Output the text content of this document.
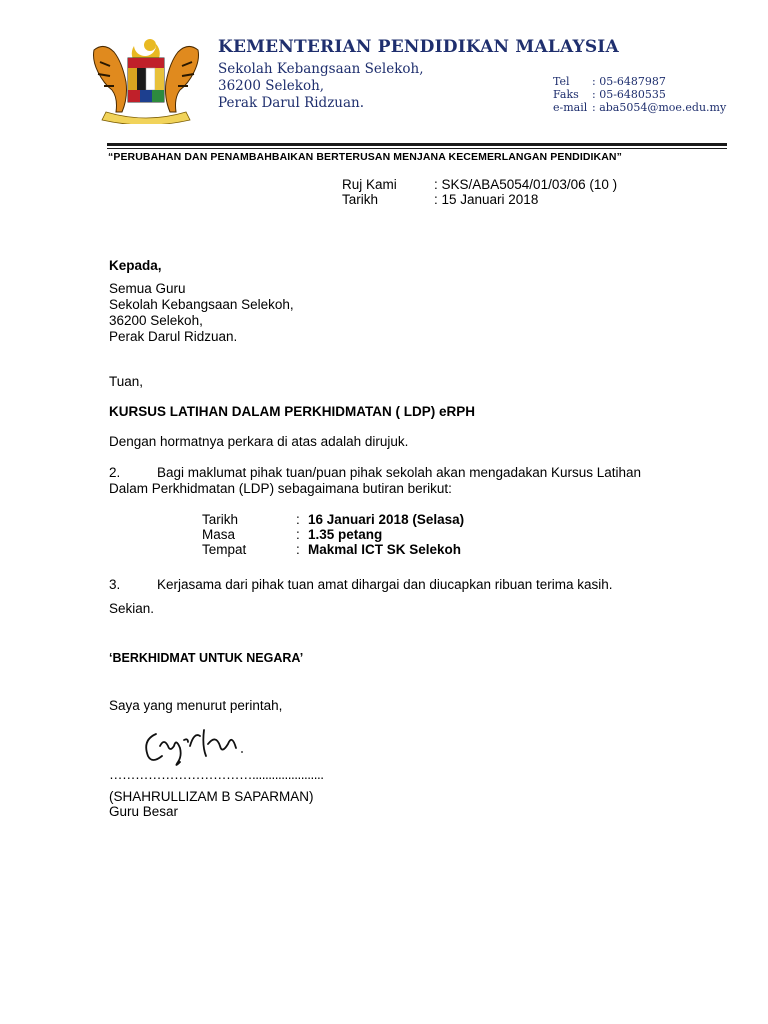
KEMENTERIAN PENDIDIKAN MALAYSIA
Sekolah Kebangsaan Selekoh,
36200 Selekoh,
Perak Darul Ridzuan.
Tel : 05-6487987
Faks : 05-6480535
e-mail : aba5054@moe.edu.my
“PERUBAHAN DAN PENAMBAHBAIKAN BERTERUSAN MENJANA KECEMERLANGAN PENDIDIKAN”
Ruj Kami	: SKS/ABA5054/01/03/06 (10 )
Tarikh	: 15 Januari 2018
Kepada,
Semua Guru
Sekolah Kebangsaan Selekoh,
36200 Selekoh,
Perak Darul Ridzuan.
Tuan,
KURSUS LATIHAN DALAM PERKHIDMATAN ( LDP) eRPH
Dengan hormatnya perkara di atas adalah dirujuk.
2.	Bagi maklumat pihak tuan/puan pihak sekolah akan mengadakan Kursus Latihan
Dalam Perkhidmatan (LDP) sebagaimana butiran berikut:
Tarikh	: 16 Januari 2018 (Selasa)
Masa	: 1.35 petang
Tempat	: Makmal ICT SK Selekoh
3.	Kerjasama dari pihak tuan amat dihargai dan diucapkan ribuan terima kasih.
Sekian.
‘BERKHIDMAT UNTUK NEGARA’
Saya yang menurut perintah,
……………………………......................
(SHAHRULLIZAM B SAPARMAN)
Guru Besar
